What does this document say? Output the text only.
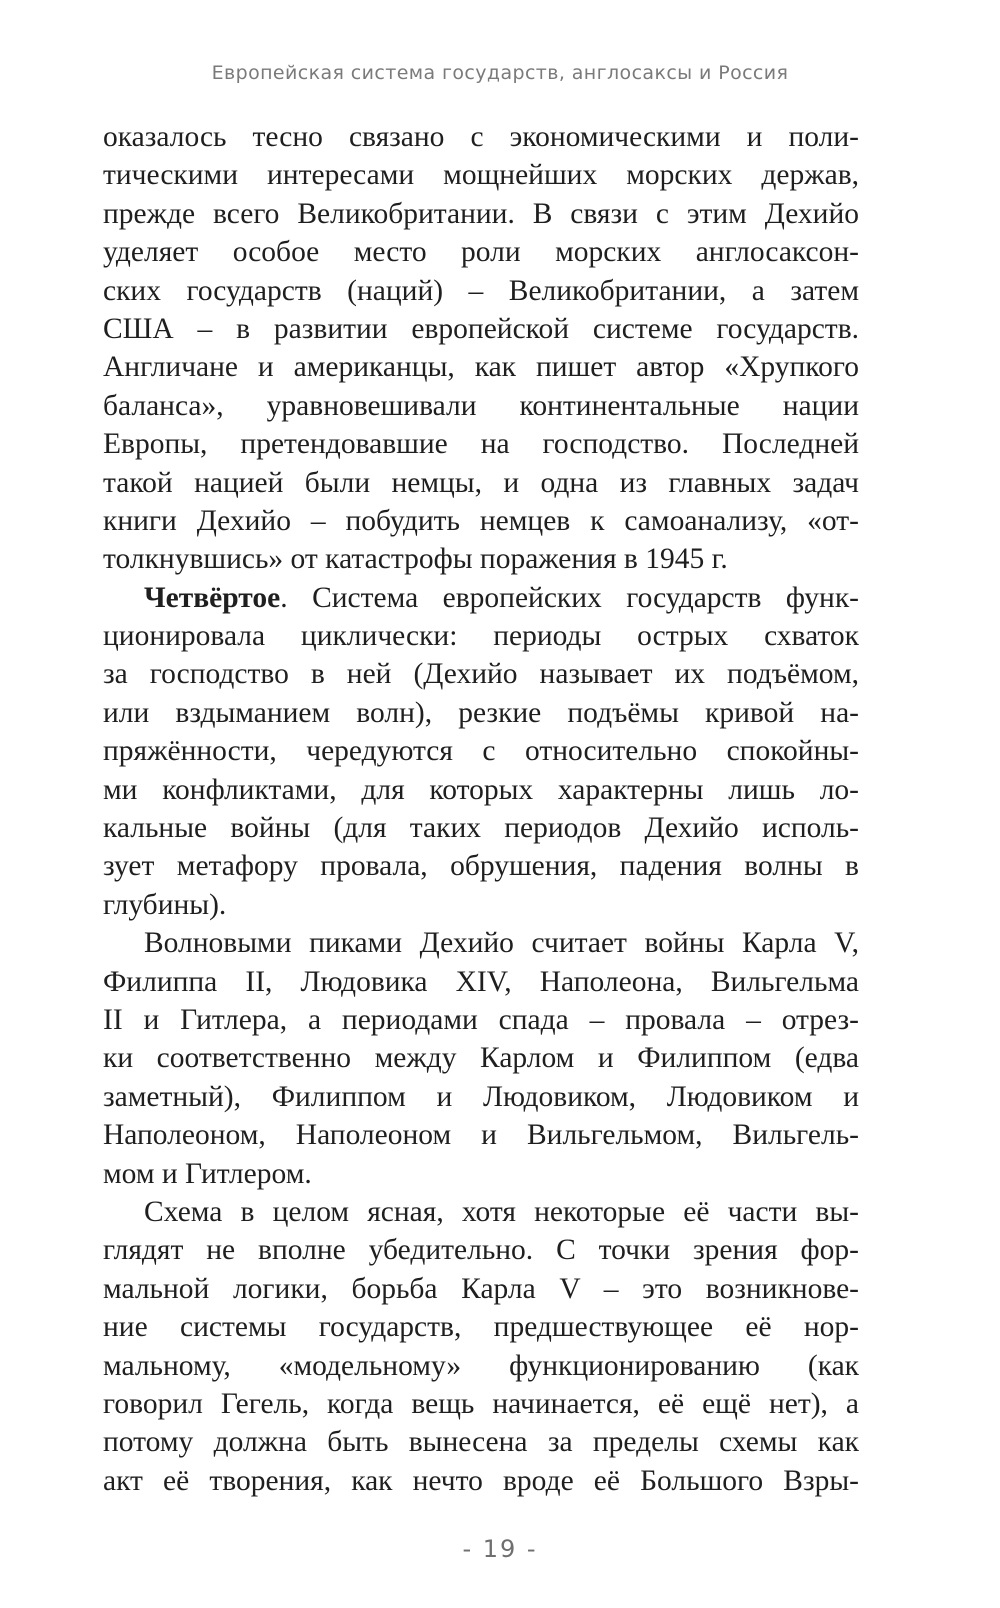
Европейская система государств, англосаксы и Россия

оказалось тесно связано с экономическими и поли-
тическими интересами мощнейших морских держав,
прежде всего Великобритании. В связи с этим Дехийо
уделяет особое место роли морских англосаксон-
ских государств (наций) – Великобритании, а затем
США – в развитии европейской системе государств.
Англичане и американцы, как пишет автор «Хрупкого
баланса», уравновешивали континентальные нации
Европы, претендовавшие на господство. Последней
такой нацией были немцы, и одна из главных задач
книги Дехийо – побудить немцев к самоанализу, «от-
толкнувшись» от катастрофы поражения в 1945 г.
Четвёртое. Система европейских государств функ-
ционировала циклически: периоды острых схваток
за господство в ней (Дехийо называет их подъёмом,
или вздыманием волн), резкие подъёмы кривой на-
пряжённости, чередуются с относительно спокойны-
ми конфликтами, для которых характерны лишь ло-
кальные войны (для таких периодов Дехийо исполь-
зует метафору провала, обрушения, падения волны в
глубины).
Волновыми пиками Дехийо считает войны Карла V,
Филиппа II, Людовика XIV, Наполеона, Вильгельма
II и Гитлера, а периодами спада – провала – отрез-
ки соответственно между Карлом и Филиппом (едва
заметный), Филиппом и Людовиком, Людовиком и
Наполеоном, Наполеоном и Вильгельмом, Вильгель-
мом и Гитлером.
Схема в целом ясная, хотя некоторые её части вы-
глядят не вполне убедительно. С точки зрения фор-
мальной логики, борьба Карла V – это возникнове-
ние системы государств, предшествующее её нор-
мальному, «модельному» функционированию (как
говорил Гегель, когда вещь начинается, её ещё нет), а
потому должна быть вынесена за пределы схемы как
акт её творения, как нечто вроде её Большого Взры-

- 19 -
